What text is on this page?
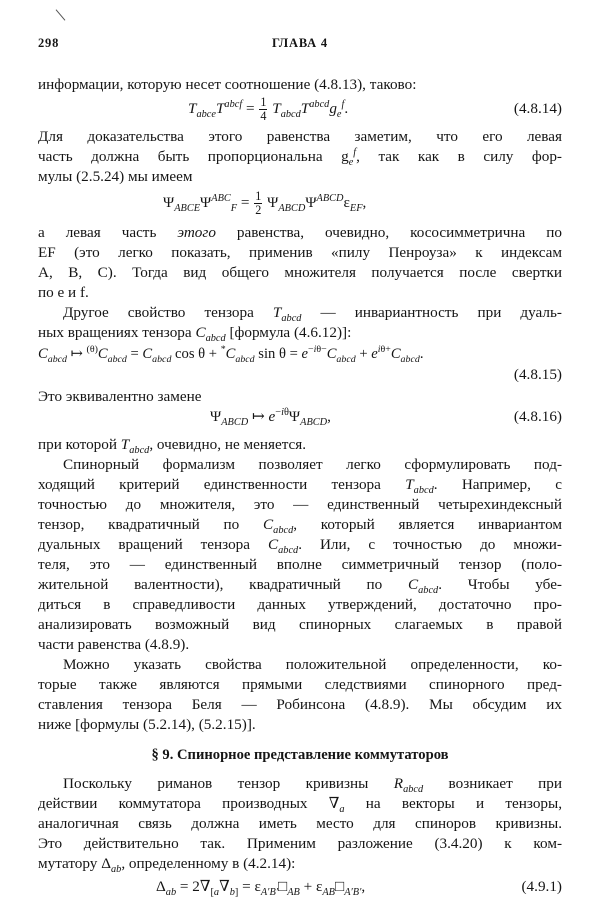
298	ГЛАВА 4
информации, которую несет соотношение (4.8.13), таково:
$T_{abce}T^{abcf} = \frac{1}{4} T_{abcd}T^{abcd}g_e^f$.	(4.8.14)
Для доказательства этого равенства заметим, что его левая
часть должна быть пропорциональна $g_e^f$, так как в силу фор-
мулы (2.5.24) мы имеем
$\Psi_{ABCE}\Psi^{ABC}_F = \frac{1}{2} \Psi_{ABCD}\Psi^{ABCD}\varepsilon_{EF}$,
а левая часть этого равенства, очевидно, кососимметрична по
EF (это легко показать, применив «пилу Пенроуза» к индексам
A, B, C). Тогда вид общего множителя получается после свертки
по e и f.
Другое свойство тензора $T_{abcd}$ — инвариантность при дуаль-
ных вращениях тензора $C_{abcd}$ [формула (4.6.12)]:
$C_{abcd}$ ↦ $^{(\theta)}C_{abcd} = C_{abcd}$ $\cos \theta + ^*C_{abcd}$ $\sin \theta = e^{-i\theta-}C_{abcd} + e^{i\theta+}C_{abcd}$.
(4.8.15)
Это эквивалентно замене
$\Psi_{ABCD}$ ↦ $e^{-i\theta}\Psi_{ABCD}$,	(4.8.16)
при которой $T_{abcd}$, очевидно, не меняется.
Спинорный формализм позволяет легко сформулировать под-
ходящий критерий единственности тензора $T_{abcd}$. Например, с
точностью до множителя, это — единственный четырехиндексный
тензор, квадратичный по $C_{abcd}$, который является инвариантом
дуальных вращений тензора $C_{abcd}$. Или, с точностью до множи-
теля, это — единственный вполне симметричный тензор (поло-
жительной валентности), квадратичный по $C_{abcd}$. Чтобы убе-
диться в справедливости данных утверждений, достаточно про-
анализировать возможный вид спинорных слагаемых в правой
части равенства (4.8.9).
Можно указать свойства положительной определенности, ко-
торые также являются прямыми следствиями спинорного пред-
ставления тензора Беля — Робинсона (4.8.9). Мы обсудим их
ниже [формулы (5.2.14), (5.2.15)].
§ 9. Спинорное представление коммутаторов
Поскольку риманов тензор кривизны $R_{abcd}$ возникает при
действии коммутатора производных $\nabla_a$ на векторы и тензоры,
аналогичная связь должна иметь место для спиноров кривизны.
Это действительно так. Применим разложение (3.4.20) к ком-
мутатору $\Delta_{ab}$, определенному в (4.2.14):
$\Delta_{ab} = 2\nabla_{[a}\nabla_{b]}$ = $\varepsilon_{A'B'}□_{AB}$ + $\varepsilon_{AB}□_{A'B'}$,	(4.9.1)
